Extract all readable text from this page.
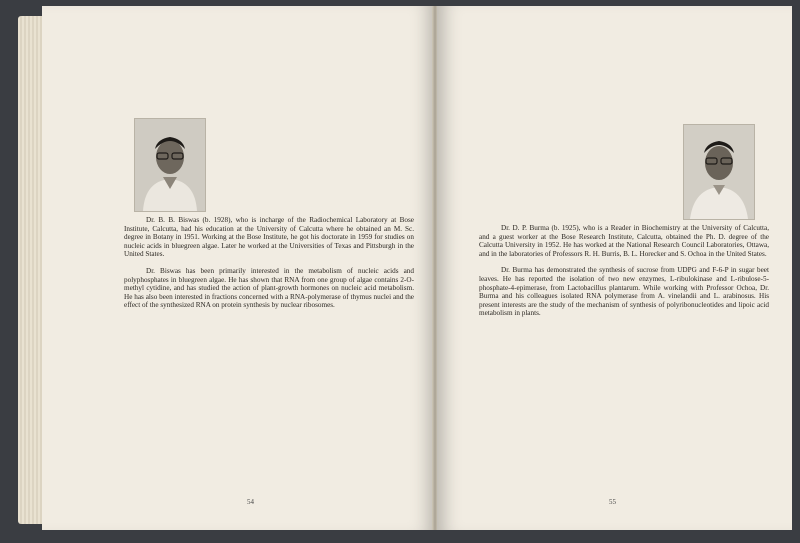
Dr. B. B. Biswas (b. 1928), who is incharge of the Radiochemical Laboratory at Bose Institute, Calcutta, had his education at the University of Calcutta where he obtained an M. Sc. degree in Botany in 1951. Working at the Bose Institute, he got his doctorate in 1959 for studies on nucleic acids in bluegreen algae. Later he worked at the Universities of Texas and Pittsburgh in the United States.

Dr. Biswas has been primarily interested in the metabolism of nucleic acids and polyphosphates in bluegreen algae. He has shown that RNA from one group of algae contains 2-O-methyl cytidine, and has studied the action of plant-growth hormones on nucleic acid metabolism. He has also been interested in fractions concerned with a RNA-polymerase of thymus nuclei and the effect of the synthesized RNA on protein synthesis by nuclear ribosomes.

54

Dr. D. P. Burma (b. 1925), who is a Reader in Biochemistry at the University of Calcutta, and a guest worker at the Bose Research Institute, Calcutta, obtained the Ph. D. degree of the Calcutta University in 1952. He has worked at the National Research Council Laboratories, Ottawa, and in the laboratories of Professors R. H. Burris, B. L. Horecker and S. Ochoa in the United States.

Dr. Burma has demonstrated the synthesis of sucrose from UDPG and F-6-P in sugar beet leaves. He has reported the isolation of two new enzymes, L-ribulokinase and L-ribulose-5-phosphate-4-epimerase, from Lactobacillus plantarum. While working with Professor Ochoa, Dr. Burma and his colleagues isolated RNA polymerase from A. vinelandii and L. arabinosus. His present interests are the study of the mechanism of synthesis of polyribonucleotides and lipoic acid metabolism in plants.

55
